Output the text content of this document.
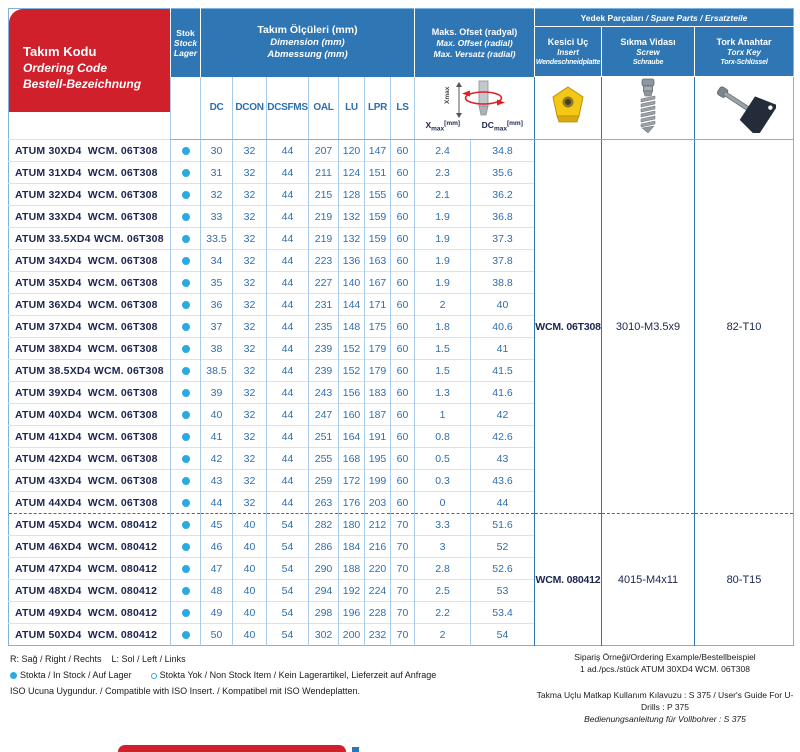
Takım Kodu
Ordering Code
Bestell-Bezeichnung

Stok
Stock
Lager

Takım Ölçüleri (mm)
Dimension (mm)
Abmessung (mm)

Maks. Ofset (radyal)
Max. Offset (radial)
Max. Versatz (radial)
	Yedek Parçaları / Spare Parts / Ersatzteile

Kesici Uç
Insert
Wendeschneidplatte

Sıkma Vidası
Screw
Schraube

Tork Anahtar
Torx Key
Torx-Schlüssel

		DC	DCON	DCSFMS	OAL	LU	LPR	LS	Xmax
$X_{max}[mm]$ $DC_{max}[mm]$

ATUM 30XD4  WCM. 06T308		30	32	44	207	120	147	60	2.4	34.8	WCM. 06T308	3010-M3.5x9	82-T10
ATUM 31XD4  WCM. 06T308		31	32	44	211	124	151	60	2.3	35.6			
ATUM 32XD4  WCM. 06T308		32	32	44	215	128	155	60	2.1	36.2			
ATUM 33XD4  WCM. 06T308		33	32	44	219	132	159	60	1.9	36.8			
ATUM 33.5XD4 WCM. 06T308		33.5	32	44	219	132	159	60	1.9	37.3			
ATUM 34XD4  WCM. 06T308		34	32	44	223	136	163	60	1.9	37.8			
ATUM 35XD4  WCM. 06T308		35	32	44	227	140	167	60	1.9	38.8			
ATUM 36XD4  WCM. 06T308		36	32	44	231	144	171	60	2	40			
ATUM 37XD4  WCM. 06T308		37	32	44	235	148	175	60	1.8	40.6			
ATUM 38XD4  WCM. 06T308		38	32	44	239	152	179	60	1.5	41			
ATUM 38.5XD4 WCM. 06T308		38.5	32	44	239	152	179	60	1.5	41.5			
ATUM 39XD4  WCM. 06T308		39	32	44	243	156	183	60	1.3	41.6			
ATUM 40XD4  WCM. 06T308		40	32	44	247	160	187	60	1	42			
ATUM 41XD4  WCM. 06T308		41	32	44	251	164	191	60	0.8	42.6			
ATUM 42XD4  WCM. 06T308		42	32	44	255	168	195	60	0.5	43			
ATUM 43XD4  WCM. 06T308		43	32	44	259	172	199	60	0.3	43.6			
ATUM 44XD4  WCM. 06T308		44	32	44	263	176	203	60	0	44			
ATUM 45XD4  WCM. 080412		45	40	54	282	180	212	70	3.3	51.6	WCM. 080412	4015-M4x11	80-T15
ATUM 46XD4  WCM. 080412		46	40	54	286	184	216	70	3	52			
ATUM 47XD4  WCM. 080412		47	40	54	290	188	220	70	2.8	52.6			
ATUM 48XD4  WCM. 080412		48	40	54	294	192	224	70	2.5	53			
ATUM 49XD4  WCM. 080412		49	40	54	298	196	228	70	2.2	53.4			
ATUM 50XD4  WCM. 080412		50	40	54	302	200	232	70	2	54			
R: Sağ / Right / Rechts    L: Sol / Left / Links
Stokta / In Stock / Auf Lager	Stokta Yok / Non Stock Item / Kein Lagerartikel, Lieferzeit auf Anfrage
ISO Ucuna Uygundur. / Compatible with ISO Insert. / Kompatibel mit ISO Wendeplatten.
Sipariş Örneği/Ordering Example/Bestellbeispiel
1 ad./pcs./stück ATUM 30XD4 WCM. 06T308
Takma Uçlu Matkap Kullanım Kılavuzu : S 375 / User's Guide For U-Drills : P 375
Bedienungsanleitung für Vollbohrer : S 375
